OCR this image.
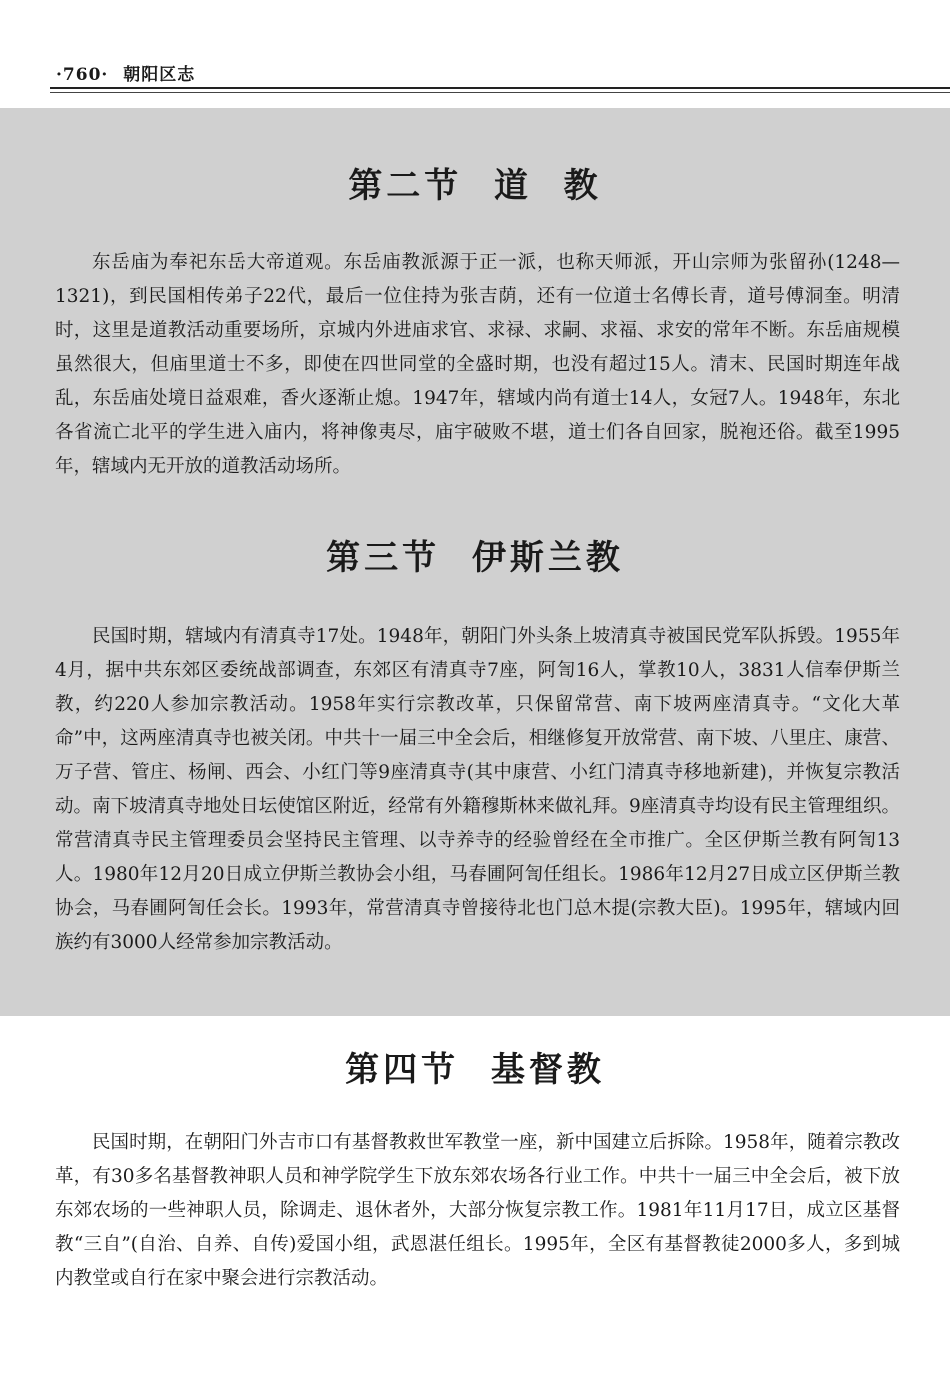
·760· 朝阳区志
第二节  道  教

东岳庙为奉祀东岳大帝道观。东岳庙教派源于正一派，也称天师派，开山宗师为张留孙(1248—1321)，到民国相传弟子22代，最后一位住持为张吉荫，还有一位道士名傅长青，道号傅洞奎。明清时，这里是道教活动重要场所，京城内外进庙求官、求禄、求嗣、求福、求安的常年不断。东岳庙规模虽然很大，但庙里道士不多，即使在四世同堂的全盛时期，也没有超过15人。清末、民国时期连年战乱，东岳庙处境日益艰难，香火逐渐止熄。1947年，辖域内尚有道士14人，女冠7人。1948年，东北各省流亡北平的学生进入庙内，将神像夷尽，庙宇破败不堪，道士们各自回家，脱袍还俗。截至1995年，辖域内无开放的道教活动场所。

第三节  伊斯兰教

民国时期，辖域内有清真寺17处。1948年，朝阳门外头条上坡清真寺被国民党军队拆毁。1955年4月，据中共东郊区委统战部调查，东郊区有清真寺7座，阿訇16人，掌教10人，3831人信奉伊斯兰教，约220人参加宗教活动。1958年实行宗教改革，只保留常营、南下坡两座清真寺。“文化大革命”中，这两座清真寺也被关闭。中共十一届三中全会后，相继修复开放常营、南下坡、八里庄、康营、万子营、管庄、杨闸、西会、小红门等9座清真寺(其中康营、小红门清真寺移地新建)，并恢复宗教活动。南下坡清真寺地处日坛使馆区附近，经常有外籍穆斯林来做礼拜。9座清真寺均设有民主管理组织。常营清真寺民主管理委员会坚持民主管理、以寺养寺的经验曾经在全市推广。全区伊斯兰教有阿訇13人。1980年12月20日成立伊斯兰教协会小组，马春圃阿訇任组长。1986年12月27日成立区伊斯兰教协会，马春圃阿訇任会长。1993年，常营清真寺曾接待北也门总木提(宗教大臣)。1995年，辖域内回族约有3000人经常参加宗教活动。

第四节  基督教

民国时期，在朝阳门外吉市口有基督教救世军教堂一座，新中国建立后拆除。1958年，随着宗教改革，有30多名基督教神职人员和神学院学生下放东郊农场各行业工作。中共十一届三中全会后，被下放东郊农场的一些神职人员，除调走、退休者外，大部分恢复宗教工作。1981年11月17日，成立区基督教“三自”(自治、自养、自传)爱国小组，武恩湛任组长。1995年，全区有基督教徒2000多人，多到城内教堂或自行在家中聚会进行宗教活动。
